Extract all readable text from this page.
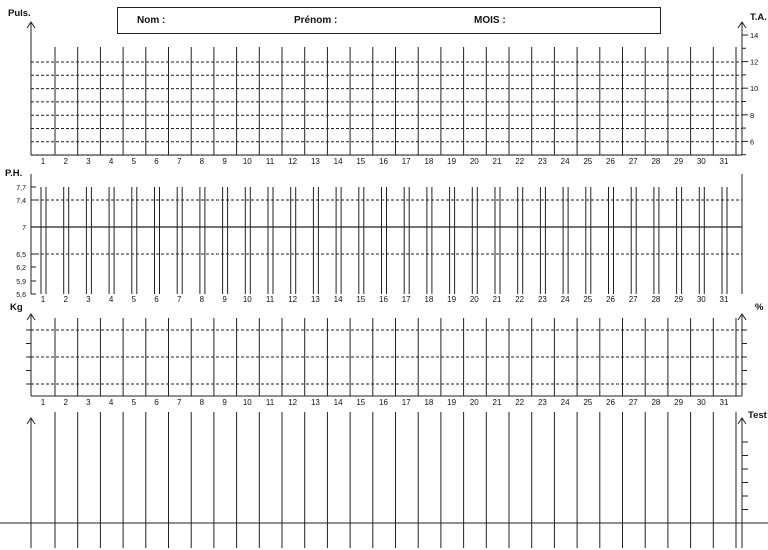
Nom :	Prénom :	MOIS :
Puls.	T.A.
P.H.
Kg	%
Test
1 2 3 4 5 6 7 8 9 10 11 12 13 14 15 16 17 18 19 20 21 22 23 24 25 26 27 28 29 30 31
14
12
10
8
6
7,7
7,4
7
6,5
6,2
5,9
5,6 1 2 3 4 5 6 7 8 9 10 11 12 13 14 15 16 17 18 19 20 21 22 23 24 25 26 27 28 29 30 31
1 2 3 4 5 6 7 8 9 10 11 12 13 14 15 16 17 18 19 20 21 22 23 24 25 26 27 28 29 30 31
